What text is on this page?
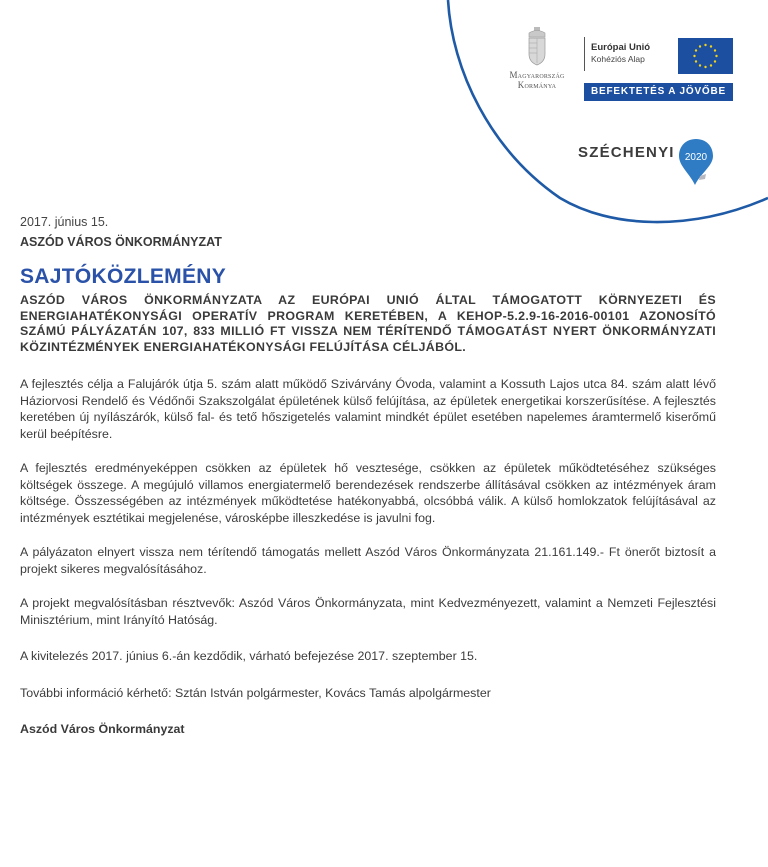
Magyarország
Kormánya
Európai Unió
Kohéziós Alap
BEFEKTETÉS A JÖVŐBE
SZÉCHENYI 2020
2017. június 15.
ASZÓD VÁROS ÖNKORMÁNYZAT
SAJTÓKÖZLEMÉNY
ASZÓD VÁROS ÖNKORMÁNYZATA AZ EURÓPAI UNIÓ ÁLTAL TÁMOGATOTT KÖRNYEZETI ÉS ENERGIAHATÉKONYSÁGI OPERATÍV PROGRAM KERETÉBEN, A KEHOP-5.2.9-16-2016-00101 AZONOSÍTÓ SZÁMÚ PÁLYÁZATÁN 107, 833 MILLIÓ FT VISSZA NEM TÉRÍTENDŐ TÁMOGATÁST NYERT ÖNKORMÁNYZATI KÖZINTÉZMÉNYEK ENERGIAHATÉKONYSÁGI FELÚJÍTÁSA CÉLJÁBÓL.

A fejlesztés célja a Falujárók útja 5. szám alatt működő Szivárvány Óvoda, valamint a Kossuth Lajos utca 84. szám alatt lévő Háziorvosi Rendelő és Védőnői Szakszolgálat épületének külső felújítása, az épületek energetikai korszerűsítése. A fejlesztés keretében új nyílászárók, külső fal- és tető hőszigetelés valamint mindkét épület esetében napelemes áramtermelő kiserőmű kerül beépítésre.

A fejlesztés eredményeképpen csökken az épületek hő vesztesége, csökken az épületek működtetéséhez szükséges költségek összege. A megújuló villamos energiatermelő berendezések rendszerbe állításával csökken az intézmények áram költsége. Összességében az intézmények működtetése hatékonyabbá, olcsóbbá válik. A külső homlokzatok felújításával az intézmények esztétikai megjelenése, városképbe illeszkedése is javulni fog.

A pályázaton elnyert vissza nem térítendő támogatás mellett Aszód Város Önkormányzata 21.161.149.- Ft önerőt biztosít a projekt sikeres megvalósításához.

A projekt megvalósításban résztvevők: Aszód Város Önkormányzata, mint Kedvezményezett, valamint a Nemzeti Fejlesztési Minisztérium, mint Irányító Hatóság.

A kivitelezés 2017. június 6.-án kezdődik, várható befejezése 2017. szeptember 15.

További információ kérhető: Sztán István polgármester, Kovács Tamás alpolgármester

Aszód Város Önkormányzat
